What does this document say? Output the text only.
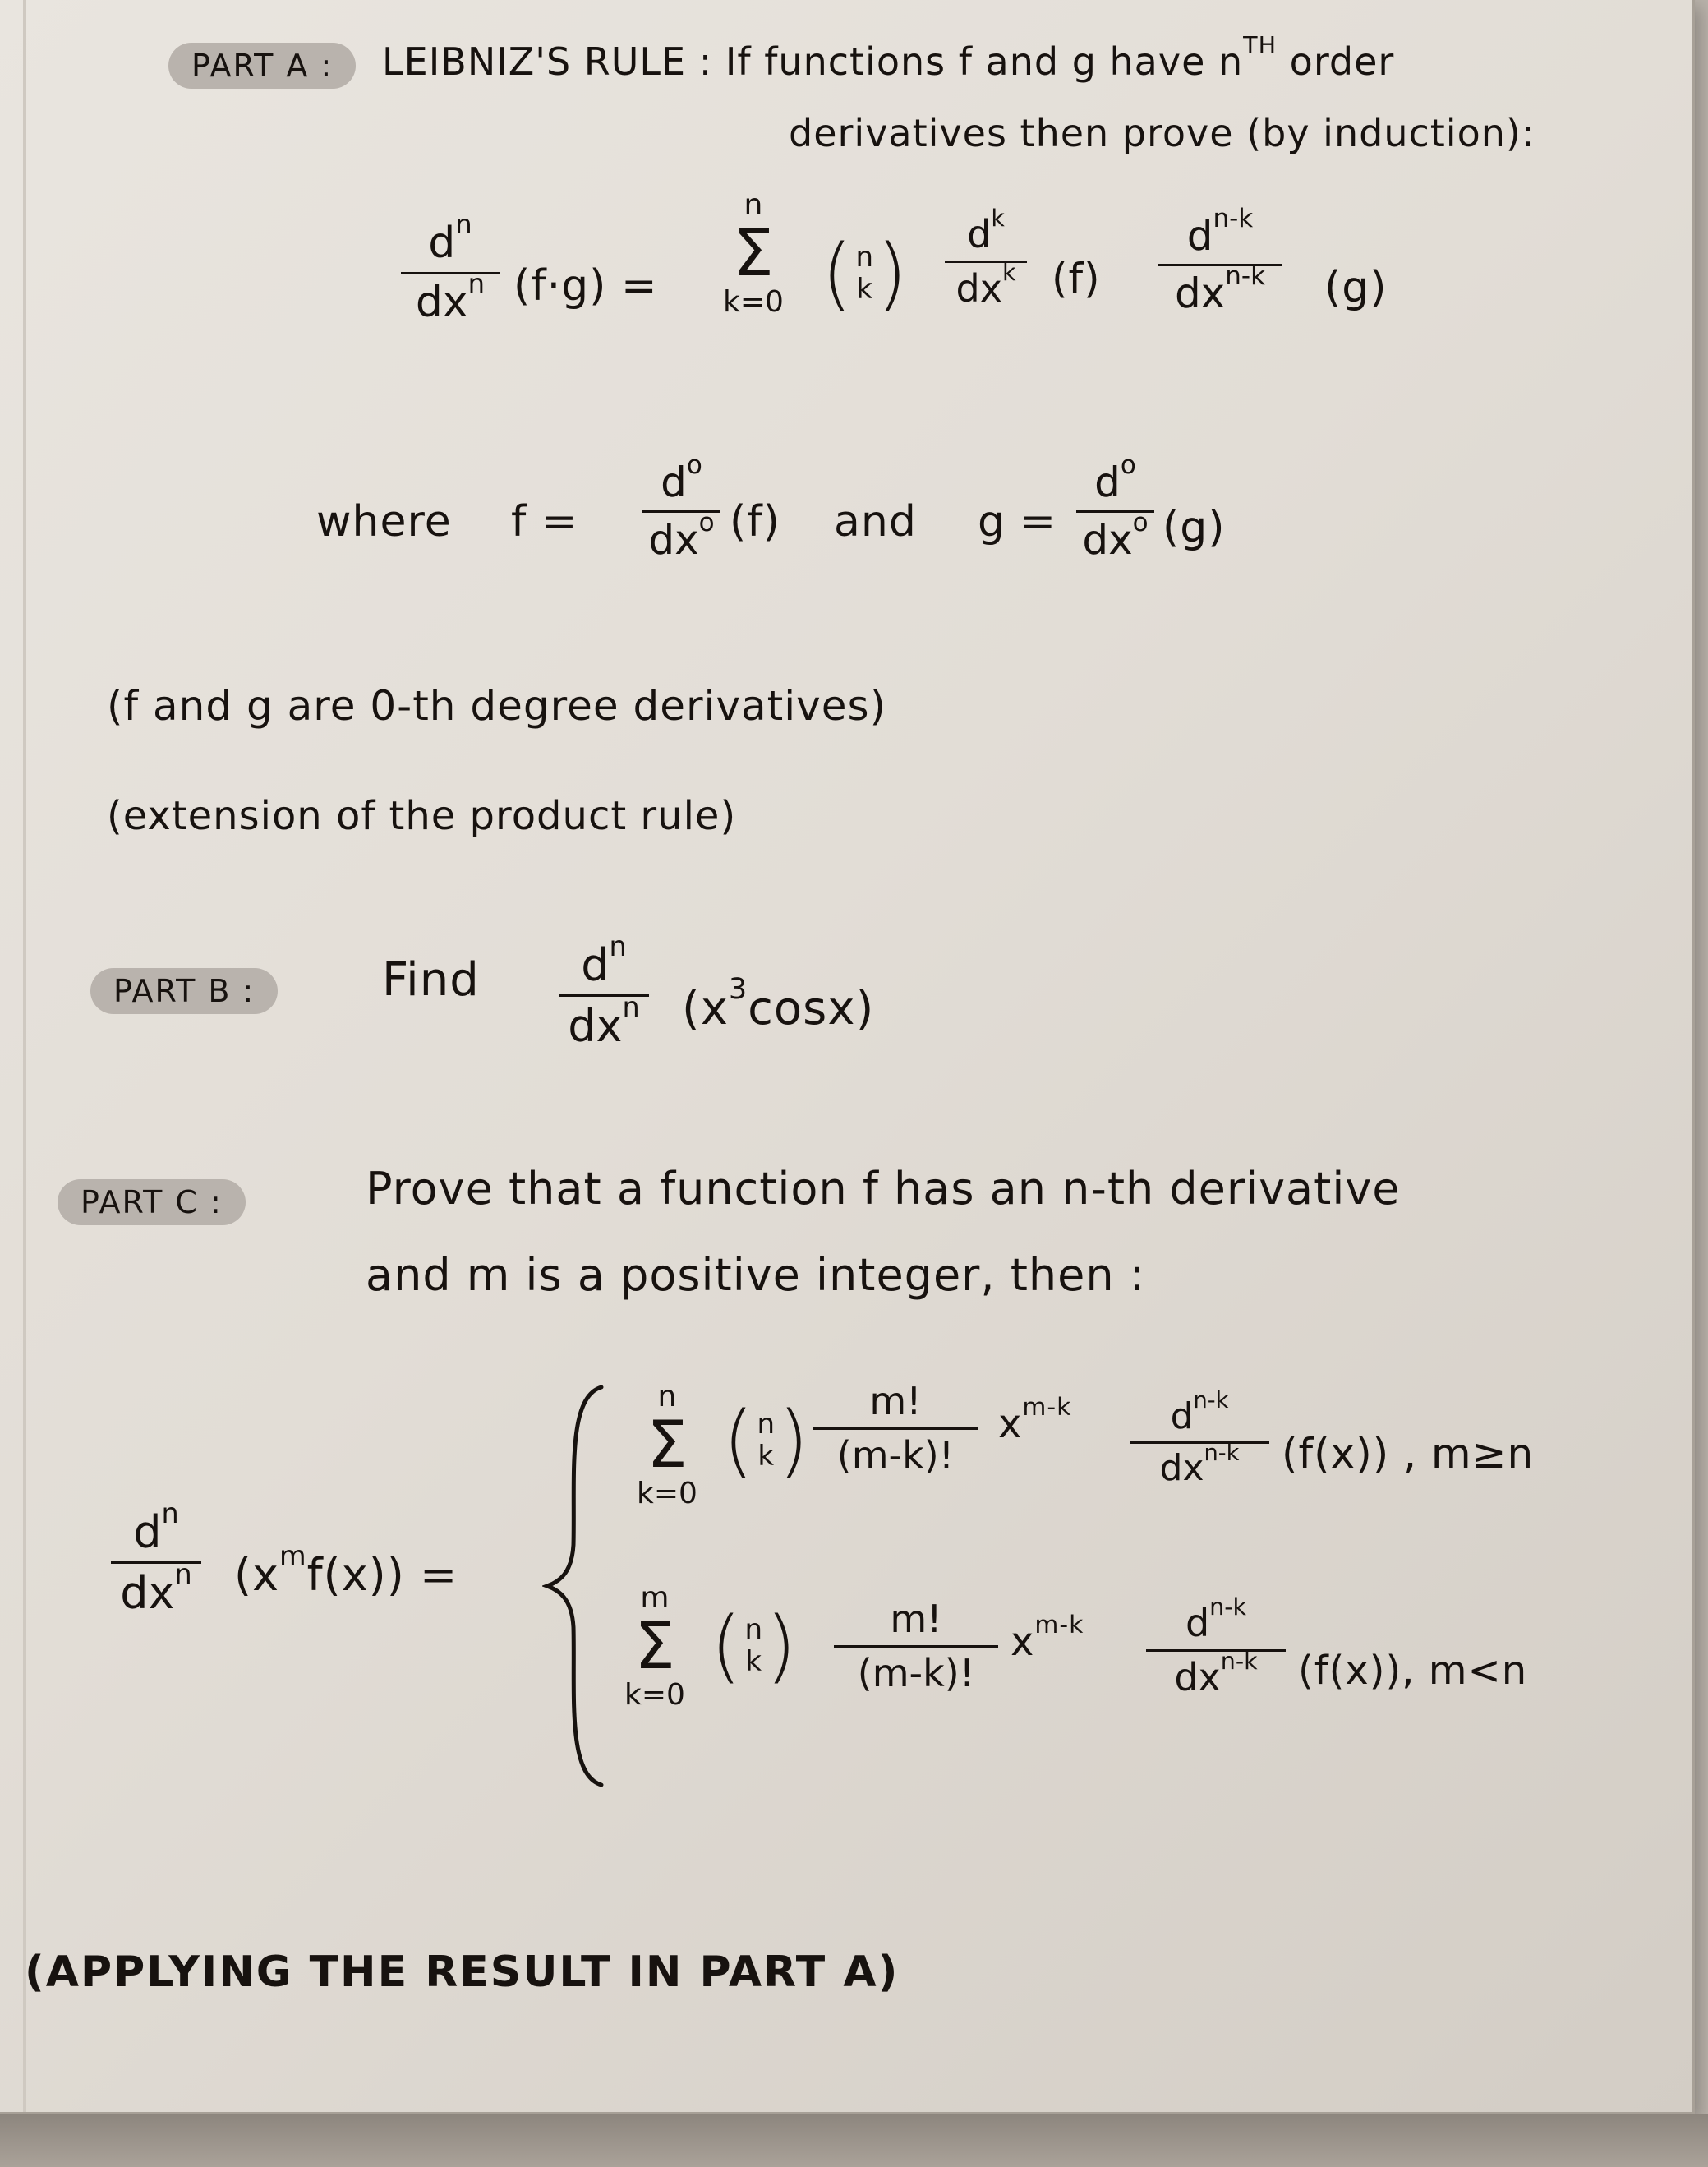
PART A :	LEIBNIZ'S RULE : If functions f and g have $n^{TH}$ order
derivatives then prove (by induction):
$d^n$
$dx^n$ (f·g) =
n
Σ
k=0 ( n
k ) $d^k$
$dx^k$ (f)
$d^{n-k}$
$dx^{n-k}$ (g)
where f =
$d^o$
$dx^o$ (f) and g =
$d^o$
$dx^o$ (g)
(f and g are 0-th degree derivatives)
(extension of the product rule)
PART B :	Find $d^n$
$dx^n$ $(x^3\cos x)$
PART C :	Prove that a function f has an n-th derivative
and m is a positive integer, then :
$d^n$
$dx^n$ $(x^mf(x))$ =
n
Σ
k=0
( n
k ) m!
(m-k)!
$x^{m-k}$	$d^{n-k}$
$dx^{n-k}$ (f(x)) , m≥n
m
Σ
k=0
( n
k ) m!
(m-k)!
$x^{m-k}$	$d^{n-k}$
$dx^{n-k}$ (f(x)), m<n
(APPLYING THE RESULT IN PART A)
